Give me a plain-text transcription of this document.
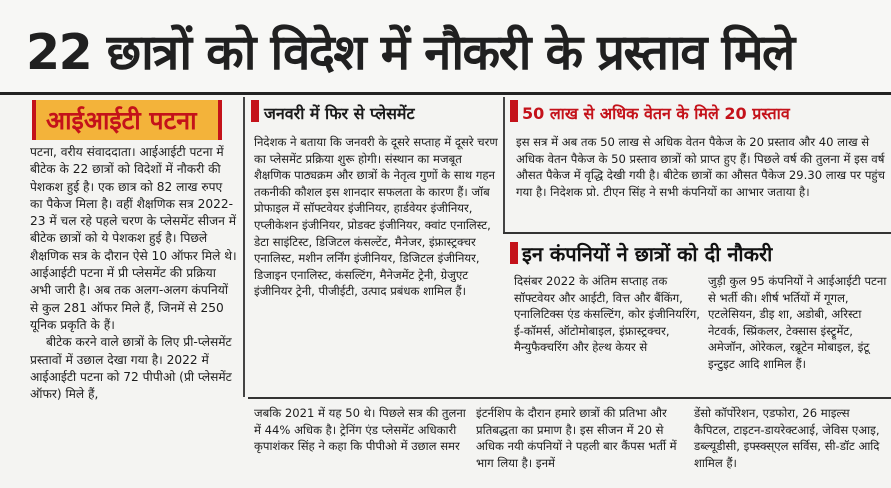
22 छात्रों को विदेश में नौकरी के प्रस्ताव मिले
आईआईटी पटना

पटना, वरीय संवाददाता। आईआईटी पटना में बीटेक के 22 छात्रों को विदेशों में नौकरी की पेशकश हुई है। एक छात्र को 82 लाख रुपए का पैकेज मिला है। वहीं शैक्षणिक सत्र 2022-23 में चल रहे पहले चरण के प्लेसमेंट सीजन में बीटेक छात्रों को ये पेशकश हुई है। पिछले शैक्षणिक सत्र के दौरान ऐसे 10 ऑफर मिले थे। आईआईटी पटना में प्री प्लेसमेंट की प्रक्रिया अभी जारी है। अब तक अलग-अलग कंपनियों से कुल 281 ऑफर मिले हैं, जिनमें से 250 यूनिक प्रकृति के हैं।

बीटेक करने वाले छात्रों के लिए प्री-प्लेसमेंट प्रस्तावों में उछाल देखा गया है। 2022 में आईआईटी पटना को 72 पीपीओ (प्री प्लेसमेंट ऑफर) मिले हैं,

जनवरी में फिर से प्लेसमेंट

निदेशक ने बताया कि जनवरी के दूसरे सप्ताह में दूसरे चरण का प्लेसमेंट प्रक्रिया शुरू होगी। संस्थान का मजबूत शैक्षणिक पाठ्यक्रम और छात्रों के नेतृत्व गुणों के साथ गहन तकनीकी कौशल इस शानदार सफलता के कारण हैं। जॉब प्रोफाइल में सॉफ्टवेयर इंजीनियर, हार्डवेयर इंजीनियर, एप्लीकेशन इंजीनियर, प्रोडक्ट इंजीनियर, क्वांट एनालिस्ट, डेटा साइंटिस्ट, डिजिटल कंसल्टेंट, मैनेजर, इंफ्रास्ट्रक्चर एनालिस्ट, मशीन लर्निंग इंजीनियर, डिजिटल इंजीनियर, डिजाइन एनालिस्ट, कंसल्टिंग, मैनेजमेंट ट्रेनी, ग्रेजुएट इंजीनियर ट्रेनी, पीजीईटी, उत्पाद प्रबंधक शामिल हैं।

50 लाख से अधिक वेतन के मिले 20 प्रस्ताव

इस सत्र में अब तक 50 लाख से अधिक वेतन पैकेज के 20 प्रस्ताव और 40 लाख से अधिक वेतन पैकेज के 50 प्रस्ताव छात्रों को प्राप्त हुए हैं। पिछले वर्ष की तुलना में इस वर्ष औसत पैकेज में वृद्धि देखी गयी है। बीटेक छात्रों का औसत पैकेज 29.30 लाख पर पहुंच गया है। निदेशक प्रो. टीएन सिंह ने सभी कंपनियों का आभार जताया है।

इन कंपनियों ने छात्रों को दी नौकरी

दिसंबर 2022 के अंतिम सप्ताह तक सॉफ्टवेयर और आईटी, वित्त और बैंकिंग, एनालिटिक्स एंड कंसल्टिंग, कोर इंजीनियरिंग, ई-कॉमर्स, ऑटोमोबाइल, इंफ्रास्ट्रक्चर, मैन्युफैक्चरिंग और हेल्थ केयर से

जुड़ी कुल 95 कंपनियों ने आईआईटी पटना से भर्ती की। शीर्ष भर्तियों में गूगल, एटलेसियन, डीइ शा, अडोबी, अरिस्टा नेटवर्क, स्प्रिंकलर, टेक्सास इंस्ट्रूमेंट, अमेजॉन, ओरेकल, रब्रूटेन मोबाइल, इंटू इन्टुइट आदि शामिल हैं।

जबकि 2021 में यह 50 थे। पिछले सत्र की तुलना में 44% अधिक है। ट्रेनिंग एंड प्लेसमेंट अधिकारी कृपाशंकर सिंह ने कहा कि पीपीओ में उछाल समर

इंटर्नशिप के दौरान हमारे छात्रों की प्रतिभा और प्रतिबद्धता का प्रमाण है। इस सीजन में 20 से अधिक नयी कंपनियों ने पहली बार कैंपस भर्ती में भाग लिया है। इनमें

डेंसो कॉर्पोरेशन, एडफोरा, 26 माइल्स कैपिटल, टाइटन-डायरेक्टआई, जेविस एआइ, डब्ल्यूडीसी, इफ्स्क्स्एल सर्विस, सी-डॉट आदि शामिल हैं।
